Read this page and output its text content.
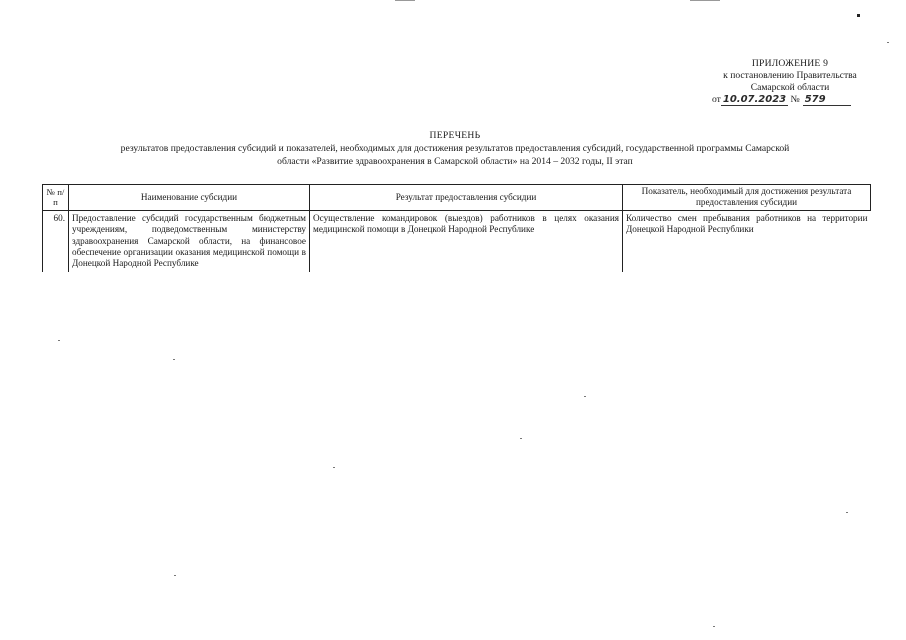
ПРИЛОЖЕНИЕ 9
к постановлению Правительства
Самарской области
от 10.07.2023 № 579
ПЕРЕЧЕНЬ
результатов предоставления субсидий и показателей, необходимых для достижения результатов предоставления субсидий, государственной программы Самарской
области «Развитие здравоохранения в Самарской области» на 2014 – 2032 годы, II этап
№ п/п	Наименование субсидии	Результат предоставления субсидии	Показатель, необходимый для достижения результата предоставления субсидии
60.	Предоставление субсидий государственным бюджетным учреждениям, подведомственным министерству здравоохранения Самарской области, на финансовое обеспечение организации оказания медицинской помощи в Донецкой Народной Республике	Осуществление командировок (выездов) работников в целях оказания медицинской помощи в Донецкой Народной Республике	Количество смен пребывания работников на территории Донецкой Народной Республики
